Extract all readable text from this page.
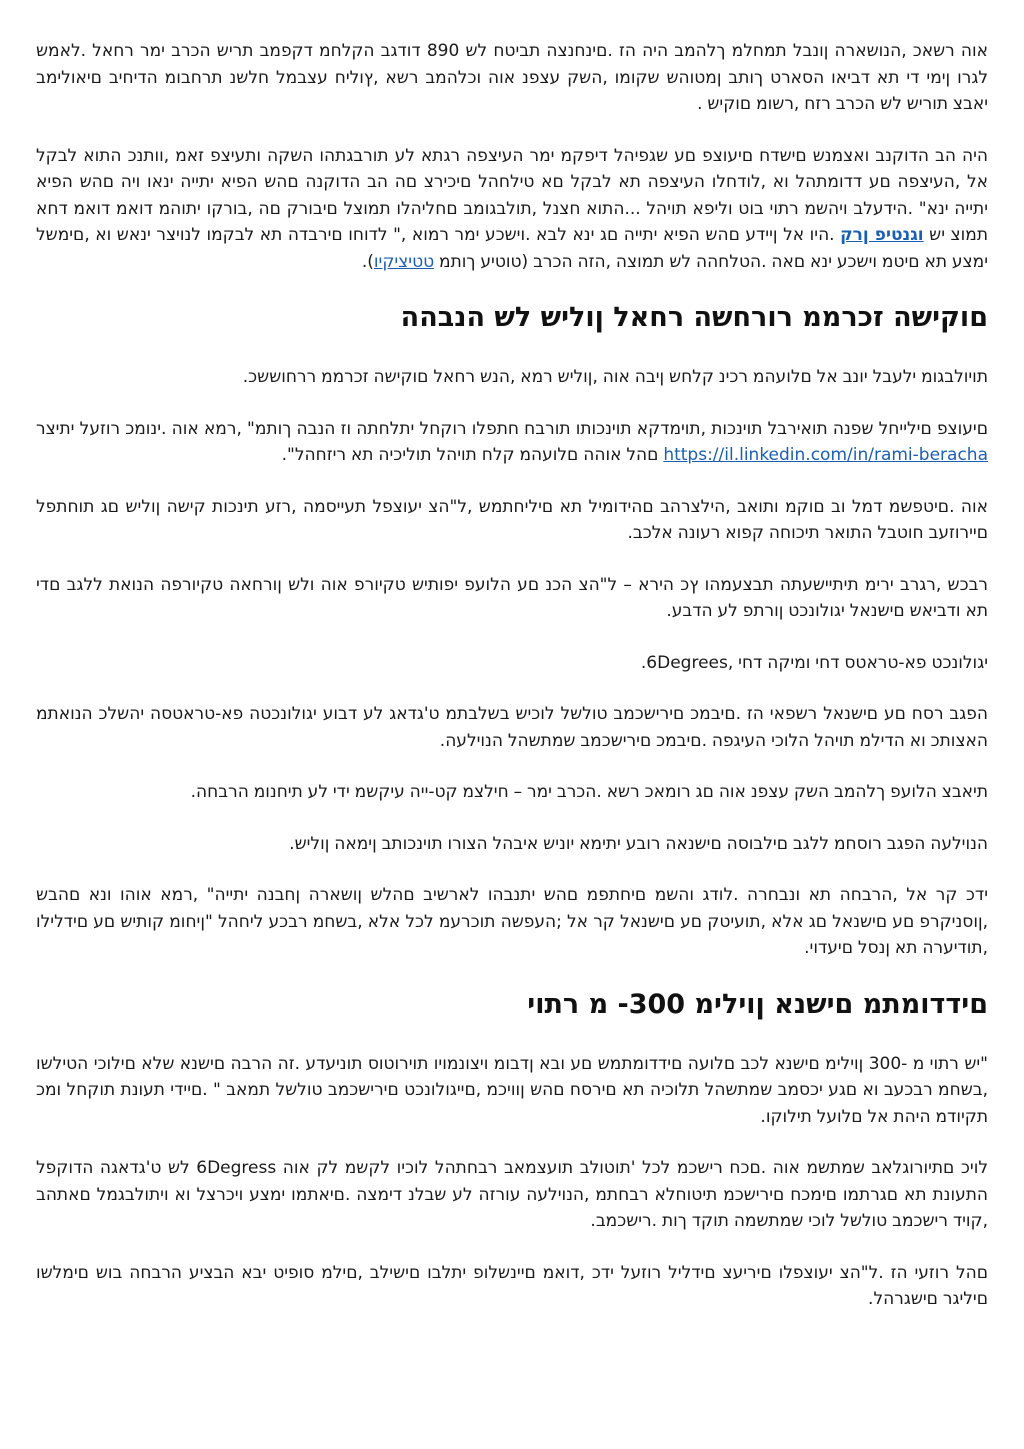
אוה רשאכ ,הנושארה ןונבל תמחלמ ךלהמב היה הז .םינחנצה תביטח לש 890 דודגב הקלחמ דקפמב תריש הכרב ימר רחאל .לאמש לגרו ןימי די תא דביאו הסארט ךותב ןמטוהש שקומו ,השק עצפנ אוה וכלהמב רשא ,ץוליח עצבמל חלשנ תרחבומ הדיחיב םיאולימב יאבצ תוריש לש הכרב רזח ,רשומ םוקיש .

היה הב הדוקנב ואצמנש םישדח םיעוצפ םע שגפיהל דיפקמ ימר העיצפה רגתא לע תורבגתהו השקה ותעיצפ זאמ ,וותנכ התוא לבקל אל ,העיצפה םע דדומתהל וא ,לודחלו העיצפה תא לבקל םא טילחהל םיכירצ םה הב הדוקנה םהש הפיא יתייה ינאו ויה םהש הפיא יתייה ינא" .הידעלב ויהשמ רתוי בוט וליפא תויהל ...התוא חצנל ,תולבגומב םחליהלו תמוצל םיבורק םה ,בורקו יתוהמ דואמ דואמ דחא תמוצ יש וגנטיפ ןרק .היו אל ןיידע םהש הפיא יתייה םג ינא לבא .וישכע ימר רמוא ," לדוחו םירבדה תא לבקמו לנויצר ינאש וא ,םימשל ימצע תא םיטמ וישכע ינא םאה .הטלחהה לש תמוצה ,הזה הכרב (טוטיע ךותמ טטיציקיו).

םוקישה זכרממ רורחשה רחאל ןוליש לש הנבהה

תויולבגומ ילעבל יונב אל םלועהמ רכינ קלחש ןיבה אוה ,ןוליש רמא ,הנש רחאל םוקישה זכרממ ררחוששכ.

םיעוצפ םילייחל שפנה תואירבל תוינכות ,תוימדקא תוינכותו תורבח חתפלו רוקחל יתלחתה וז הנבה ךותמ" ,רמא אוה .ינומכ רוזעל יתיצר https://il.linkedin.com/in/rami-beracha םהל אוהה םלועהמ קלח תויהל תוליכיה תא ריזחהל".

אוה .םיטפשמ דמל וב םוקמ ותואב ,הילצרהב םהידומיל תא םיליחתמש ,ל"הצ יעוצפל תעייסמה ,רזע תינכות קישה ןוליש םג תוחתפל םיירוזעב חוטבל התואר תיכוחה קפוא רעונה אלכב.

רבכש ,רגרב ירימ תיתיישעתה תבצעמהו ץכ הירא – ל"הצ הכנ םע הלועפ יפותיש טקיורפ אוה ולש ןורחאה טקיורפה הנואת ללגב םדי תא ודביאש םישנאל יגולונכט ןורתפ לע הדבע.

יגולונכט פא-טראטס דחי ומיקה דחי ,6Degrees.

הפגב רסח םע םישנאל רשפאי הז .םיבמכ םירישכמב טולשל לוכיש בשלבתמ ט'גדאג לע דבוע יגולונכטה פא-טראטסה יהשלכ הנואתמ האצותכ וא הדילמ תויהל הלוכי העיגפה .םיבמכ םירישכמב שמתשהל הנוילעה.

תיאבצ הלועפ ךלהמב השק עצפנ אוה םג רומאכ רשא .הכרב ימר – חילצמ קט-ייה עיקשמ ידי לע תיחנומ הרבחה.

הנוילעה הפגב רוסחמ ללגב םילבוסה םישנאה רובע יתימא יוניש איבהל הצורו תוינכותב ןימאה ןוליש.

ידכ קר אל ,הרבחה תא ונבחרה .לודג והשמ םיחתפמ םהש יתנבהו לארשיב םהלש ןושארה ןחבנה יתייה" ,רמא אוהו ונא םהבש ,ןוסניקרפ םע םישנאל םג אלא ,תועיטק םע םישנאל קר אל ;העפשה תוכרעמ לכל אלא ,בשחמ רבכע ליחהל "ןיחומ קותיש םע םידלילו ,תודיערה תא ןנסל םיעדוי.

םידדומתמ םישנא ןוילימ 300- מ רתוי

"יש רתוי מ -300 ןוילימ םישנא לכב םלועה םידדומתמש םע ובא ןדבומ ויצונמויו תוירוטוס תוניעדע .זה הרבה םישנא שלא םילוכי הטילשו ,בשחמ רבכעב וא םגע יכסמב שמתשהל תלוכיה תא םירסח םהש ןוויכמ ,םייגולונכט םירישכמב טולשל תמאב " .םיידי תעונת תוקחל ומכ תקיודמ היהת אל םלועל תילוקו.

לויכ םתיורוגלאב שמתשמ אוה .םכח רישכמ לכל 'תוטולב תועצמאב רבחתהל לוכיו לקשמ לק אוה 6Degress לש ט'גדאגה הדוקפל התעונת תא םגרתמו םימכח םירישכמ תיטוחלא רבחתמ ,הנוילעה עורזה לע שבלנ דימצה .םיאתמו ימצע ויכרצל וא ויתולבגמל םאתהב ,קויד רישכמב טולשל לוכי שמתשמה תוקד ךות .רישכמב.

םהל רוזעי הז .ל"הצ יעוצפלו םיריעצ םידליל רוזעל ידכ ,דואמ םיינשלופ יתלבו םישילב ,םילמ סופיט יבא הבציע הרבחה בוש םימלשו םיליגר םישגרהל.
